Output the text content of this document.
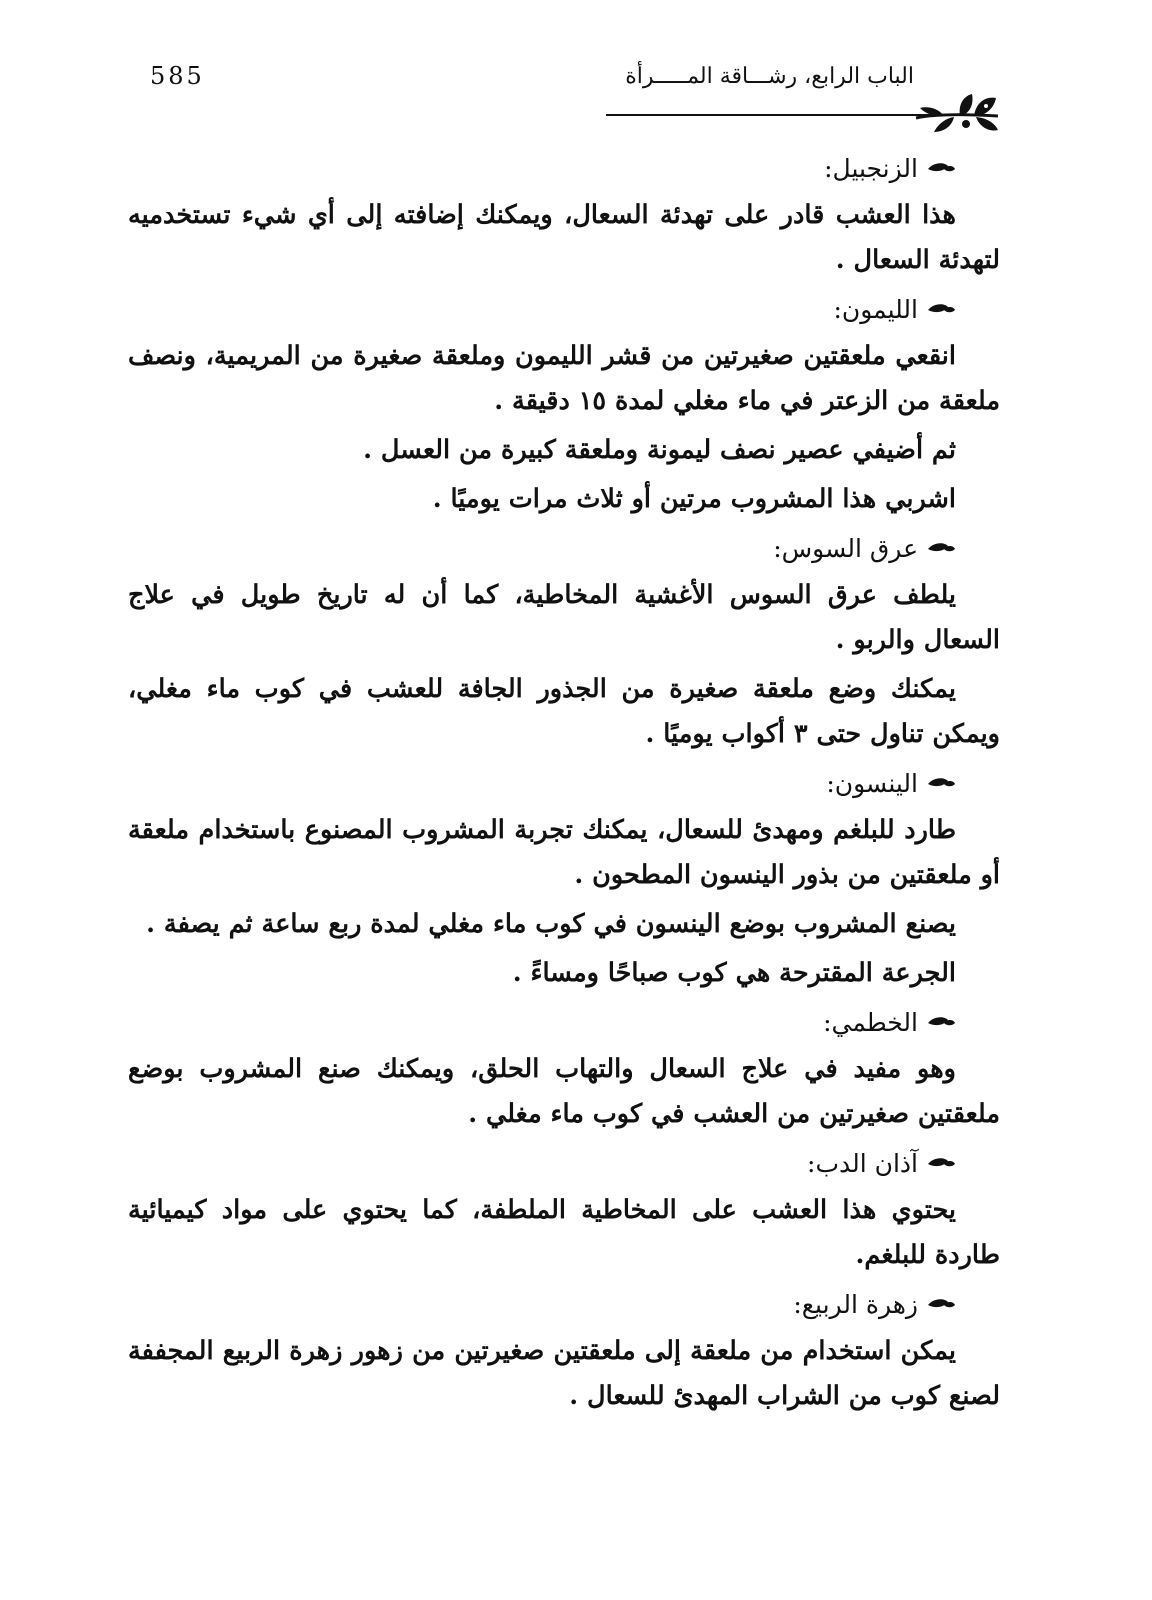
585	الباب الرابع، رشـــاقة المـــــرأة
الزنجبيل:

هذا العشب قادر على تهدئة السعال، ويمكنك إضافته إلى أي شيء تستخدميه لتهدئة السعال .

الليمون:

انقعي ملعقتين صغيرتين من قشر الليمون وملعقة صغيرة من المريمية، ونصف ملعقة من الزعتر في ماء مغلي لمدة ١٥ دقيقة .

ثم أضيفي عصير نصف ليمونة وملعقة كبيرة من العسل .

اشربي هذا المشروب مرتين أو ثلاث مرات يوميًا .

عرق السوس:

يلطف عرق السوس الأغشية المخاطية، كما أن له تاريخ طويل في علاج السعال والربو .

يمكنك وضع ملعقة صغيرة من الجذور الجافة للعشب في كوب ماء مغلي، ويمكن تناول حتى ٣ أكواب يوميًا .

الينسون:

طارد للبلغم ومهدئ للسعال، يمكنك تجربة المشروب المصنوع باستخدام ملعقة أو ملعقتين من بذور الينسون المطحون .

يصنع المشروب بوضع الينسون في كوب ماء مغلي لمدة ربع ساعة ثم يصفة .

الجرعة المقترحة هي كوب صباحًا ومساءً .

الخطمي:

وهو مفيد في علاج السعال والتهاب الحلق، ويمكنك صنع المشروب بوضع ملعقتين صغيرتين من العشب في كوب ماء مغلي .

آذان الدب:

يحتوي هذا العشب على المخاطية الملطفة، كما يحتوي على مواد كيميائية طاردة للبلغم.

زهرة الربيع:

يمكن استخدام من ملعقة إلى ملعقتين صغيرتين من زهور زهرة الربيع المجففة لصنع كوب من الشراب المهدئ للسعال .
